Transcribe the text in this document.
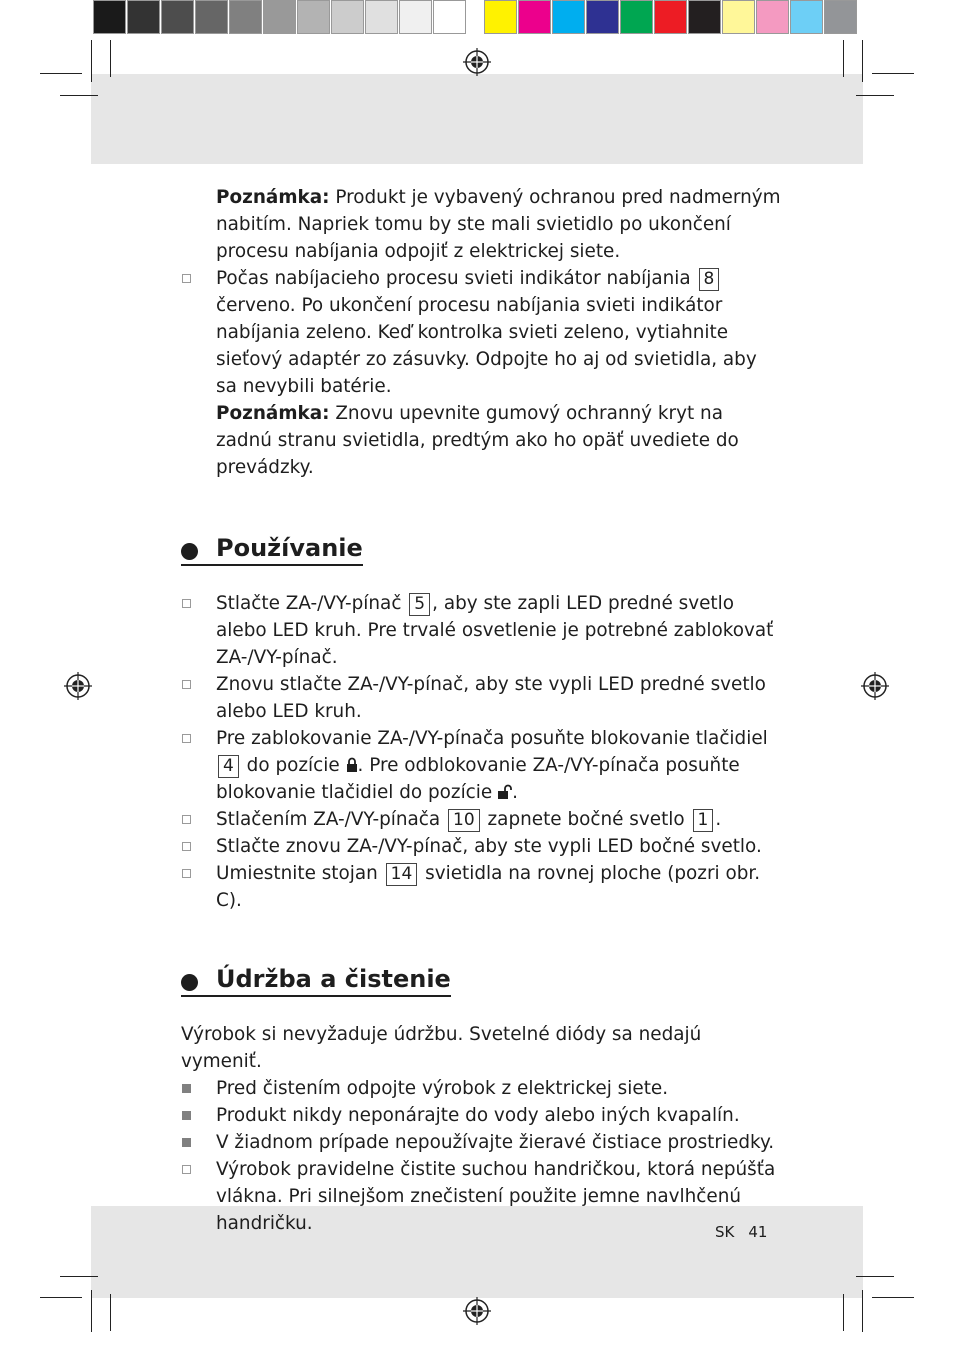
Poznámka: Produkt je vybavený ochranou pred nadmerným nabitím. Napriek tomu by ste mali svietidlo po ukončení procesu nabíjania odpojiť z elektrickej siete.
Počas nabíjacieho procesu svieti indikátor nabíjania 8 červeno. Po ukončení procesu nabíjania svieti indikátor nabíjania zeleno. Keď kontrolka svieti zeleno, vytiahnite sieťový adaptér zo zásuvky. Odpojte ho aj od svietidla, aby sa nevybili batérie.
Poznámka: Znovu upevnite gumový ochranný kryt na zadnú stranu svietidla, predtým ako ho opäť uvediete do prevádzky.
Používanie
Stlačte ZA-/VY-pínač 5 , aby ste zapli LED predné svetlo alebo LED kruh. Pre trvalé osvetlenie je potrebné zablokovať ZA-/VY-pínač.
Znovu stlačte ZA-/VY-pínač, aby ste vypli LED predné svetlo alebo LED kruh.
Pre zablokovanie ZA-/VY-pínača posuňte blokovanie tlačidiel 4 do pozície . Pre odblokovanie ZA-/VY-pínača posuňte blokovanie tlačidiel do pozície .
Stlačením ZA-/VY-pínača 10 zapnete bočné svetlo 1 .
Stlačte znovu ZA-/VY-pínač, aby ste vypli LED bočné svetlo.
Umiestnite stojan 14 svietidla na rovnej ploche (pozri obr. C).
Údržba a čistenie
Výrobok si nevyžaduje údržbu. Svetelné diódy sa nedajú vymeniť.
Pred čistením odpojte výrobok z elektrickej siete.
Produkt nikdy neponárajte do vody alebo iných kvapalín.
V žiadnom prípade nepoužívajte žieravé čistiace prostriedky.
Výrobok pravidelne čistite suchou handričkou, ktorá nepúšťa vlákna. Pri silnejšom znečistení použite jemne navlhčenú handričku.	SK 41
